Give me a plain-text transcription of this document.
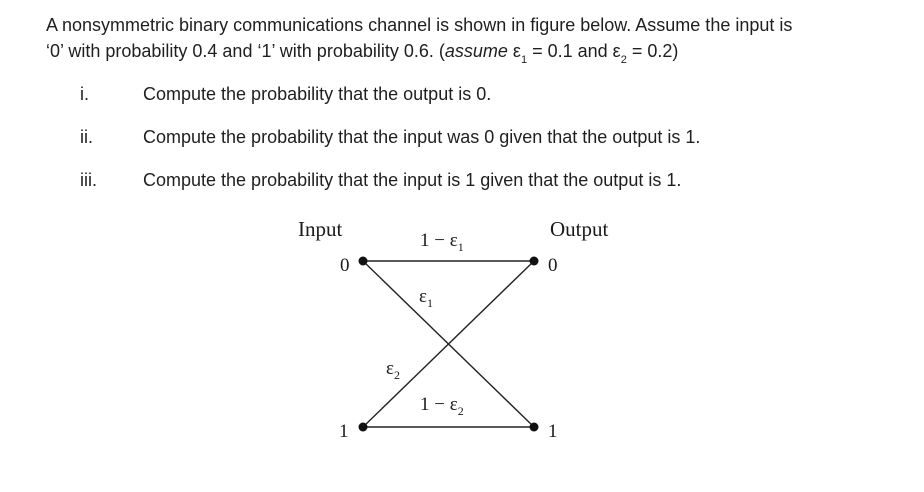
A nonsymmetric binary communications channel is shown in figure below. Assume the input is
‘0’ with probability 0.4 and ‘1’ with probability 0.6. (assume $\varepsilon_1 = 0.1$ and $\varepsilon_2 = 0.2$)
i.	Compute the probability that the output is 0.
ii.	Compute the probability that the input was 0 given that the output is 1.
iii.	Compute the probability that the input is 1 given that the output is 1.
Input	Output
0
1
0
1
$1 - \varepsilon_1$
$\varepsilon_1$
$\varepsilon_2$
$1 - \varepsilon_2$
